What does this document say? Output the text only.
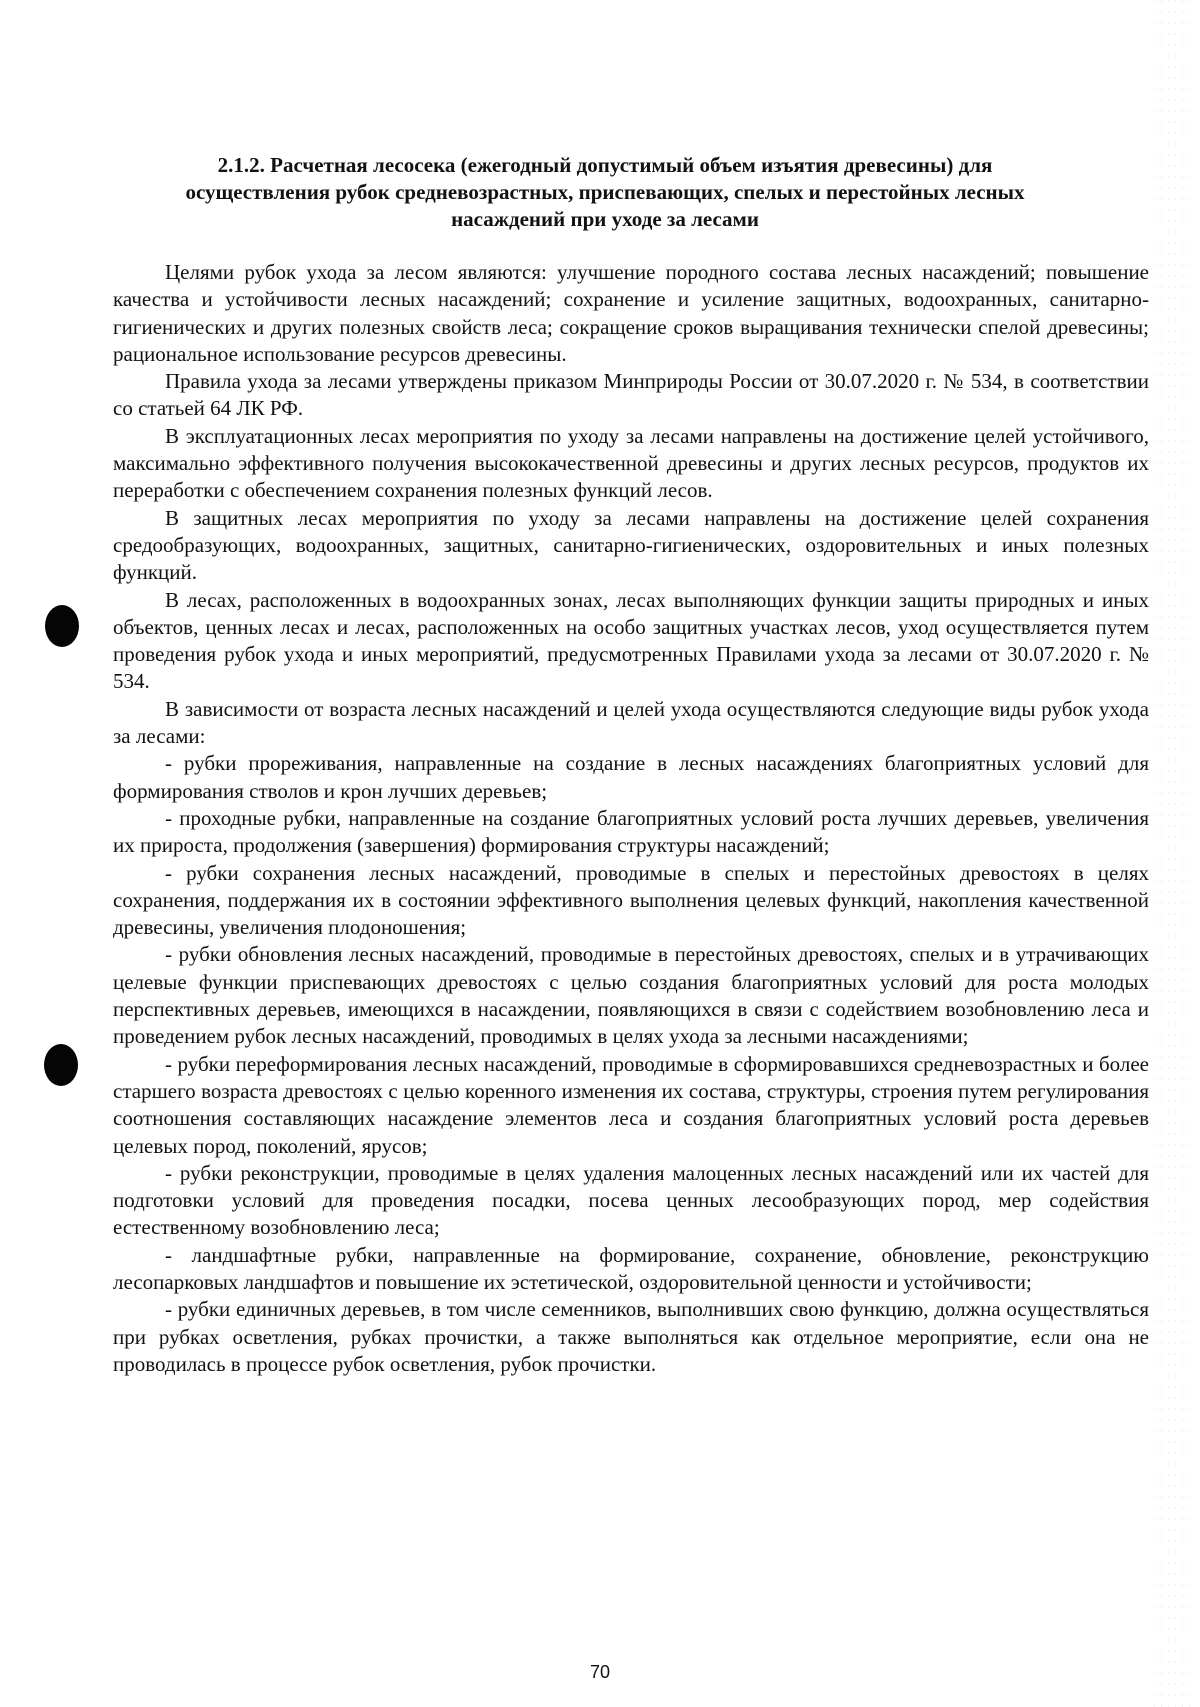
2.1.2. Расчетная лесосека (ежегодный допустимый объем изъятия древесины) для
осуществления рубок средневозрастных, приспевающих, спелых и перестойных лесных
насаждений при уходе за лесами

Целями рубок ухода за лесом являются: улучшение породного состава лесных насаждений; повышение качества и устойчивости лесных насаждений; сохранение и усиление защитных, водоохранных, санитарно-гигиенических и других полезных свойств леса; сокращение сроков выращивания технически спелой древесины; рациональное использование ресурсов древесины.

Правила ухода за лесами утверждены приказом Минприроды России от 30.07.2020 г. № 534, в соответствии со статьей 64 ЛК РФ.

В эксплуатационных лесах мероприятия по уходу за лесами направлены на достижение целей устойчивого, максимально эффективного получения высококачественной древесины и других лесных ресурсов, продуктов их переработки с обеспечением сохранения полезных функций лесов.

В защитных лесах мероприятия по уходу за лесами направлены на достижение целей сохранения средообразующих, водоохранных, защитных, санитарно-гигиенических, оздоровительных и иных полезных функций.

В лесах, расположенных в водоохранных зонах, лесах выполняющих функции защиты природных и иных объектов, ценных лесах и лесах, расположенных на особо защитных участках лесов, уход осуществляется путем проведения рубок ухода и иных мероприятий, предусмотренных Правилами ухода за лесами от 30.07.2020 г. № 534.

В зависимости от возраста лесных насаждений и целей ухода осуществляются следующие виды рубок ухода за лесами:

- рубки прореживания, направленные на создание в лесных насаждениях благоприятных условий для формирования стволов и крон лучших деревьев;

- проходные рубки, направленные на создание благоприятных условий роста лучших деревьев, увеличения их прироста, продолжения (завершения) формирования структуры насаждений;

- рубки сохранения лесных насаждений, проводимые в спелых и перестойных древостоях в целях сохранения, поддержания их в состоянии эффективного выполнения целевых функций, накопления качественной древесины, увеличения плодоношения;

- рубки обновления лесных насаждений, проводимые в перестойных древостоях, спелых и в утрачивающих целевые функции приспевающих древостоях с целью создания благоприятных условий для роста молодых перспективных деревьев, имеющихся в насаждении, появляющихся в связи с содействием возобновлению леса и проведением рубок лесных насаждений, проводимых в целях ухода за лесными насаждениями;

- рубки переформирования лесных насаждений, проводимые в сформировавшихся средневозрастных и более старшего возраста древостоях с целью коренного изменения их состава, структуры, строения путем регулирования соотношения составляющих насаждение элементов леса и создания благоприятных условий роста деревьев целевых пород, поколений, ярусов;

- рубки реконструкции, проводимые в целях удаления малоценных лесных насаждений или их частей для подготовки условий для проведения посадки, посева ценных лесообразующих пород, мер содействия естественному возобновлению леса;

- ландшафтные рубки, направленные на формирование, сохранение, обновление, реконструкцию лесопарковых ландшафтов и повышение их эстетической, оздоровительной ценности и устойчивости;

- рубки единичных деревьев, в том числе семенников, выполнивших свою функцию, должна осуществляться при рубках осветления, рубках прочистки, а также выполняться как отдельное мероприятие, если она не проводилась в процессе рубок осветления, рубок прочистки.

70
